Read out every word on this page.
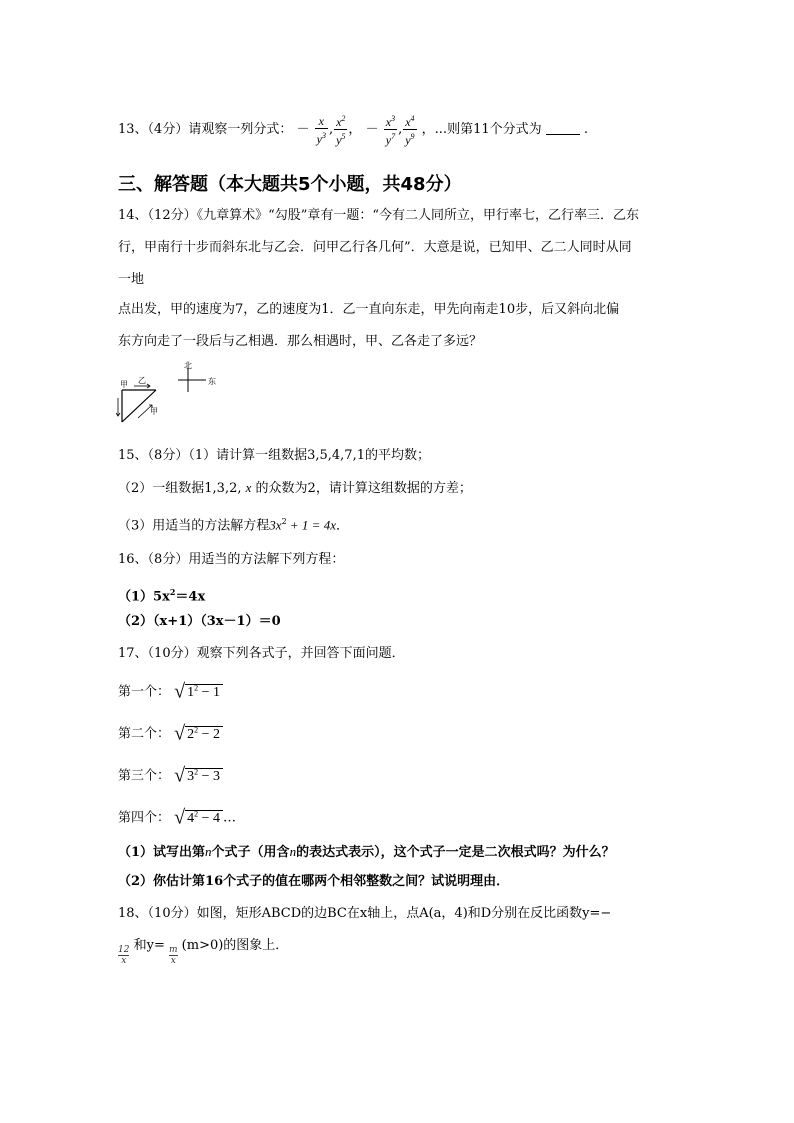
13、（4分）请观察一列分式： － $\frac{x}{y^3}$ , $\frac{x^2}{y^5}$ ， － $\frac{x^3}{y^7}$ , $\frac{x^4}{y^9}$ ，...则第11个分式为	.
三、解答题（本大题共5个小题，共48分）
14、（12分）《九章算术》“勾股”章有一题：“今有二人同所立，甲行率七，乙行率三．乙东
行，甲南行十步而斜东北与乙会．问甲乙行各几何”．大意是说，已知甲、乙二人同时从同
一地
点出发，甲的速度为7，乙的速度为1．乙一直向东走，甲先向南走10步，后又斜向北偏
东方向走了一段后与乙相遇．那么相遇时，甲、乙各走了多远？
北
东
甲 乙
甲
15、（8分）（1）请计算一组数据3,5,4,7,1的平均数；
（2）一组数据1,3,2, x 的众数为2，请计算这组数据的方差；
（3）用适当的方法解方程$3x^2 + 1 = 4x$．
16、（8分）用适当的方法解下列方程：
$(1)5x^2=4x$
（2）（x+1）（3x－1）＝0
17、（10分）观察下列各式子，并回答下面问题．
第一个： √ $1^2 - 1$
第二个： √ $2^2 - 2$
第三个： √ $3^2 - 3$
第四个： √ $4^2 - 4$ …
（1）试写出第n个式子（用含n的表达式表示），这个式子一定是二次根式吗？为什么？
（2）你估计第16个式子的值在哪两个相邻整数之间？试说明理由．
18、（10分）如图，矩形ABCD的边BC在x轴上，点A(a，4)和D分别在反比函数y=−
$\frac{12}{x}$ 和$y= \frac{m}{x} (m>0)$的图象上．
